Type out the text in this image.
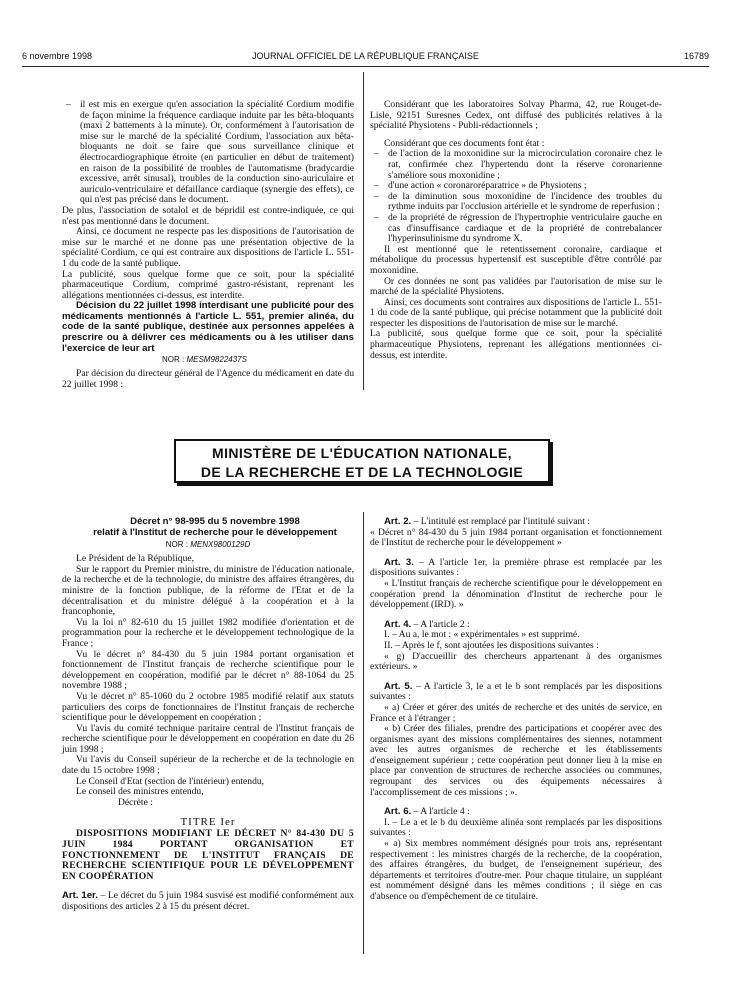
6 novembre 1998	JOURNAL OFFICIEL DE LA RÉPUBLIQUE FRANÇAISE	16789
– il est mis en exergue qu'en association la spécialité Cordium modifie de façon minime la fréquence cardiaque induite par les bêta-bloquants (maxi 2 battements à la minute). Or, conformément à l'autorisation de mise sur le marché de la spécialité Cordium, l'association aux bêta-bloquants ne doit se faire que sous surveillance clinique et électrocardiographique étroite (en particulier en début de traitement) en raison de la possibilité de troubles de l'automatisme (bradycardie excessive, arrêt sinusal), troubles de la conduction sino-auriculaire et auriculo-ventriculaire et défaillance cardiaque (synergie des effets), ce qui n'est pas précisé dans le document.

De plus, l'association de sotalol et de bépridil est contre-indiquée, ce qui n'est pas mentionné dans le document.

Ainsi, ce document ne respecte pas les dispositions de l'autorisation de mise sur le marché et ne donne pas une présentation objective de la spécialité Cordium, ce qui est contraire aux dispositions de l'article L. 551-1 du code de la santé publique.

La publicité, sous quelque forme que ce soit, pour la spécialité pharmaceutique Cordium, comprimé gastro-résistant, reprenant les allégations mentionnées ci-dessus, est interdite.

Décision du 22 juillet 1998 interdisant une publicité pour des médicaments mentionnés à l'article L. 551, premier alinéa, du code de la santé publique, destinée aux personnes appelées à prescrire ou à délivrer ces médicaments ou à les utiliser dans l'exercice de leur art

NOR : MESM9822437S

Par décision du directeur général de l'Agence du médicament en date du 22 juillet 1998 :

Considérant que les laboratoires Solvay Pharma, 42, rue Rouget-de-Lisle, 92151 Suresnes Cedex, ont diffusé des publicités relatives à la spécialité Physiotens - Publi-rédactionnels ;

Considérant que ces documents font état :

– de l'action de la moxonidine sur la microcirculation coronaire chez le rat, confirmée chez l'hypertendu dont la réserve coronarienne s'améliore sous moxonidine ;
– d'une action « coronaroréparatrice » de Physiotens ;
– de la diminution sous moxonidine de l'incidence des troubles du rythme induits par l'occlusion artérielle et le syndrome de reperfusion ;
– de la propriété de régression de l'hypertrophie ventriculaire gauche en cas d'insuffisance cardiaque et de la propriété de contrebalancer l'hyperinsulinisme du syndrome X.

Il est mentionné que le retentissement coronaire, cardiaque et métabolique du processus hypertensif est susceptible d'être contrôlé par moxonidine.

Or ces données ne sont pas validées par l'autorisation de mise sur le marché de la spécialité Physiotens.

Ainsi, ces documents sont contraires aux dispositions de l'article L. 551-1 du code de la santé publique, qui précise notamment que la publicité doit respecter les dispositions de l'autorisation de mise sur le marché.

La publicité, sous quelque forme que ce soit, pour la spécialité pharmaceutique Physiotens, reprenant les allégations mentionnées ci-dessus, est interdite.

MINISTÈRE DE L'ÉDUCATION NATIONALE,
DE LA RECHERCHE ET DE LA TECHNOLOGIE

Décret n° 98-995 du 5 novembre 1998

relatif à l'Institut de recherche pour le développement

NOR : MENX9800129D

Le Président de la République,

Sur le rapport du Premier ministre, du ministre de l'éducation nationale, de la recherche et de la technologie, du ministre des affaires étrangères, du ministre de la fonction publique, de la réforme de l'Etat et de la décentralisation et du ministre délégué à la coopération et à la francophonie,

Vu la loi n° 82-610 du 15 juillet 1982 modifiée d'orientation et de programmation pour la recherche et le développement technologique de la France ;

Vu le décret n° 84-430 du 5 juin 1984 portant organisation et fonctionnement de l'Institut français de recherche scientifique pour le développement en coopération, modifié par le décret n° 88-1064 du 25 novembre 1988 ;

Vu le décret n° 85-1060 du 2 octobre 1985 modifié relatif aux statuts particuliers des corps de fonctionnaires de l'Institut français de recherche scientifique pour le développement en coopération ;

Vu l'avis du comité technique paritaire central de l'Institut français de recherche scientifique pour le développement en coopération en date du 26 juin 1998 ;

Vu l'avis du Conseil supérieur de la recherche et de la technologie en date du 15 octobre 1998 ;

Le Conseil d'Etat (section de l'intérieur) entendu,

Le conseil des ministres entendu,

Décrète :

TITRE Ier

DISPOSITIONS MODIFIANT LE DÉCRET N° 84-430 DU 5 JUIN 1984 PORTANT ORGANISATION ET FONCTIONNEMENT DE L'INSTITUT FRANÇAIS DE RECHERCHE SCIENTIFIQUE POUR LE DÉVELOPPEMENT EN COOPÉRATION

Art. 1er. – Le décret du 5 juin 1984 susvisé est modifié conformément aux dispositions des articles 2 à 15 du présent décret.

Art. 2. – L'intitulé est remplacé par l'intitulé suivant :

« Décret n° 84-430 du 5 juin 1984 portant organisation et fonctionnement de l'Institut de recherche pour le développement »

Art. 3. – A l'article 1er, la première phrase est remplacée par les dispositions suivantes :

« L'Institut français de recherche scientifique pour le développement en coopération prend la dénomination d'Institut de recherche pour le développement (IRD). »

Art. 4. – A l'article 2 :

I. – Au a, le mot : « expérimentales » est supprimé.

II. – Après le f, sont ajoutées les dispositions suivantes :

« g) D'accueillir des chercheurs appartenant à des organismes extérieurs. »

Art. 5. – A l'article 3, le a et le b sont remplacés par les dispositions suivantes :

« a) Créer et gérer des unités de recherche et des unités de service, en France et à l'étranger ;

« b) Créer des filiales, prendre des participations et coopérer avec des organismes ayant des missions complémentaires des siennes, notamment avec les autres organismes de recherche et les établissements d'enseignement supérieur ; cette coopération peut donner lieu à la mise en place par convention de structures de recherche associées ou communes, regroupant des services ou des équipements nécessaires à l'accomplissement de ces missions ; ».

Art. 6. – A l'article 4 :

I. – Le a et le b du deuxième alinéa sont remplacés par les dispositions suivantes :

« a) Six membres nommément désignés pour trois ans, représentant respectivement : les ministres chargés de la recherche, de la coopération, des affaires étrangères, du budget, de l'enseignement supérieur, des départements et territoires d'outre-mer. Pour chaque titulaire, un suppléant est nommément désigné dans les mêmes conditions ; il siège en cas d'absence ou d'empêchement de ce titulaire.
